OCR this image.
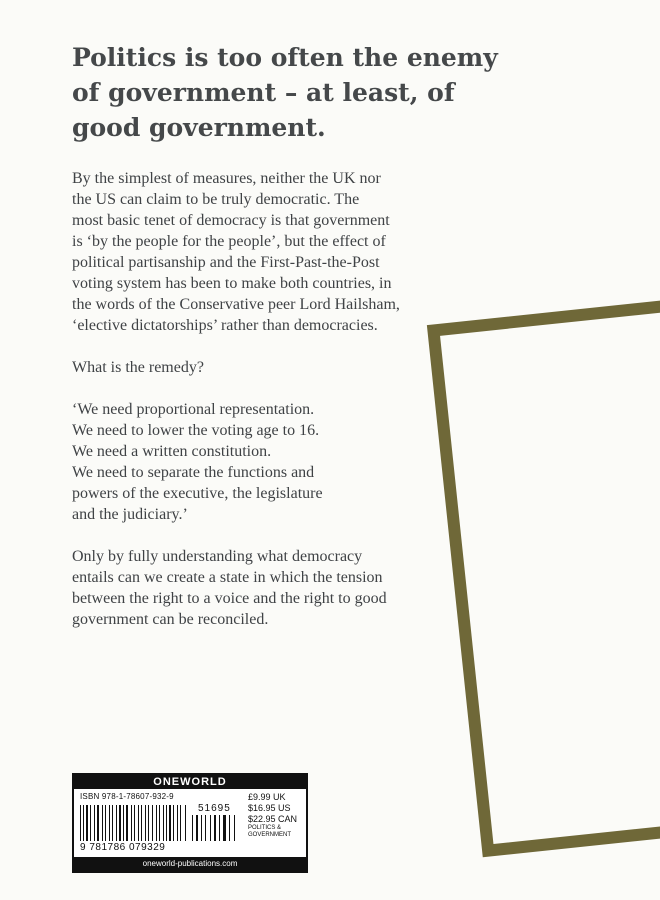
Politics is too often the enemy
of government – at least, of
good government.

By the simplest of measures, neither the UK nor
the US can claim to be truly democratic. The
most basic tenet of democracy is that government
is ‘by the people for the people’, but the effect of
political partisanship and the First-Past-the-Post
voting system has been to make both countries, in
the words of the Conservative peer Lord Hailsham,
‘elective dictatorships’ rather than democracies.

What is the remedy?

‘We need proportional representation.
We need to lower the voting age to 16.
We need a written constitution.
We need to separate the functions and
powers of the executive, the legislature
and the judiciary.’

Only by fully understanding what democracy
entails can we create a state in which the tension
between the right to a voice and the right to good
government can be reconciled.

ONEWORLD
ISBN 978-1-78607-932-9
51695
9 781786 079329
£9.99 UK
$16.95 US
$22.95 CAN
POLITICS &
GOVERNMENT
oneworld-publications.com
